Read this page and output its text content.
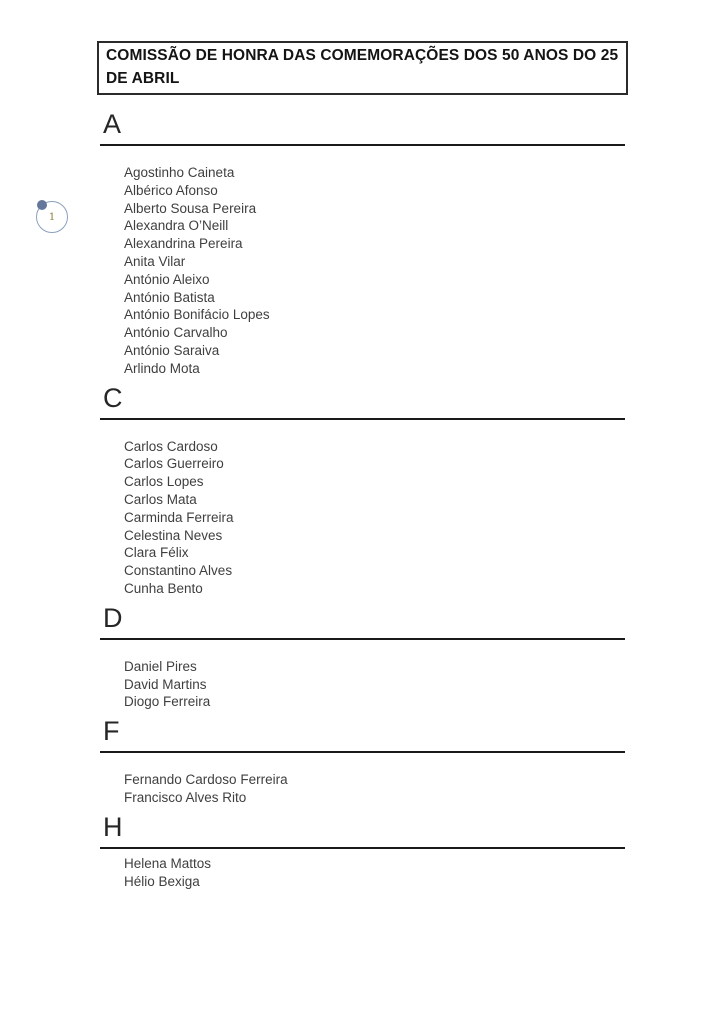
COMISSÃO DE HONRA DAS COMEMORAÇÕES DOS 50 ANOS DO 25 DE ABRIL
1
A
Agostinho Caineta
Albérico Afonso
Alberto Sousa Pereira
Alexandra O’Neill
Alexandrina Pereira
Anita Vilar
António Aleixo
António Batista
António Bonifácio Lopes
António Carvalho
António Saraiva
Arlindo Mota
C
Carlos Cardoso
Carlos Guerreiro
Carlos Lopes
Carlos Mata
Carminda Ferreira
Celestina Neves
Clara Félix
Constantino Alves
Cunha Bento
D
Daniel Pires
David Martins
Diogo Ferreira
F
Fernando Cardoso Ferreira
Francisco Alves Rito
H
Helena Mattos
Hélio Bexiga
